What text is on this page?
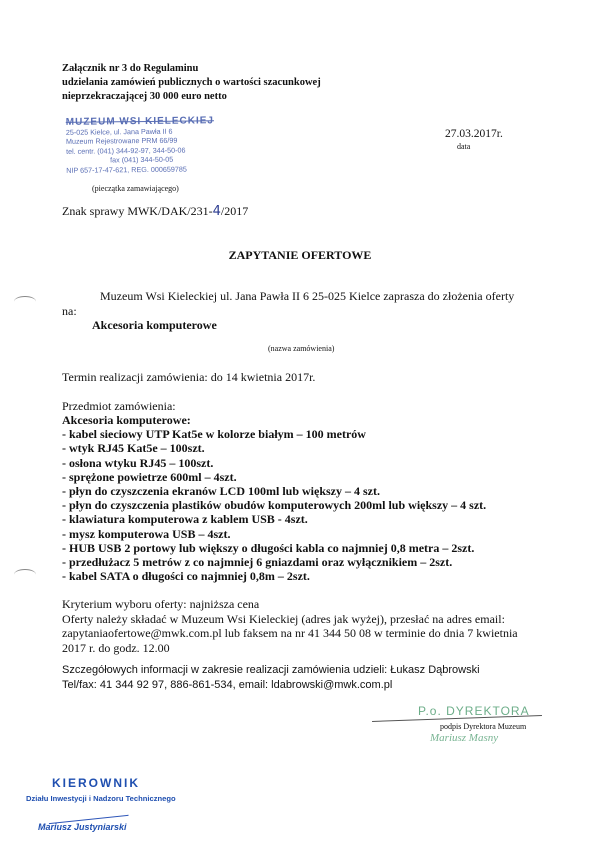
Załącznik nr 3 do Regulaminu
udzielania zamówień publicznych o wartości szacunkowej
nieprzekraczającej 30 000 euro netto
MUZEUM WSI KIELECKIEJ
25-025 Kielce, ul. Jana Pawła II 6
Muzeum Rejestrowane PRM 66/99
tel. centr. (041) 344-92-97, 344-50-06
fax (041) 344-50-05
NIP 657-17-47-621, REG. 000659785
(pieczątka zamawiającego)
27.03.2017r.
data
Znak sprawy MWK/DAK/231-4/2017
ZAPYTANIE OFERTOWE
Muzeum Wsi Kieleckiej ul. Jana Pawła II 6 25-025 Kielce zaprasza do złożenia oferty
na:
Akcesoria komputerowe
(nazwa zamówienia)
Termin realizacji zamówienia: do 14 kwietnia 2017r.
Przedmiot zamówienia:
Akcesoria komputerowe:
- kabel sieciowy UTP Kat5e w kolorze białym – 100 metrów
- wtyk RJ45 Kat5e – 100szt.
- osłona wtyku RJ45 – 100szt.
- sprężone powietrze 600ml – 4szt.
- płyn do czyszczenia ekranów LCD 100ml lub większy – 4 szt.
- płyn do czyszczenia plastików obudów komputerowych 200ml lub większy – 4 szt.
- klawiatura komputerowa z kablem USB - 4szt.
- mysz komputerowa USB – 4szt.
- HUB USB 2 portowy lub większy o długości kabla co najmniej 0,8 metra – 2szt.
- przedłużacz 5 metrów z co najmniej 6 gniazdami oraz wyłącznikiem – 2szt.
- kabel SATA o długości co najmniej 0,8m – 2szt.
Kryterium wyboru oferty: najniższa cena
Oferty należy składać w Muzeum Wsi Kieleckiej (adres jak wyżej), przesłać na adres email:
zapytaniaofertowe@mwk.com.pl lub faksem na nr 41 344 50 08 w terminie do dnia 7 kwietnia
2017 r. do godz. 12.00
Szczegółowych informacji w zakresie realizacji zamówienia udzieli: Łukasz Dąbrowski
Tel/fax: 41 344 92 97, 886-861-534, email: ldabrowski@mwk.com.pl
P.o. DYREKTORA
podpis Dyrektora Muzeum
Mariusz Masny
KIEROWNIK
Działu Inwestycji i Nadzoru Technicznego
Mariusz Justyniarski
